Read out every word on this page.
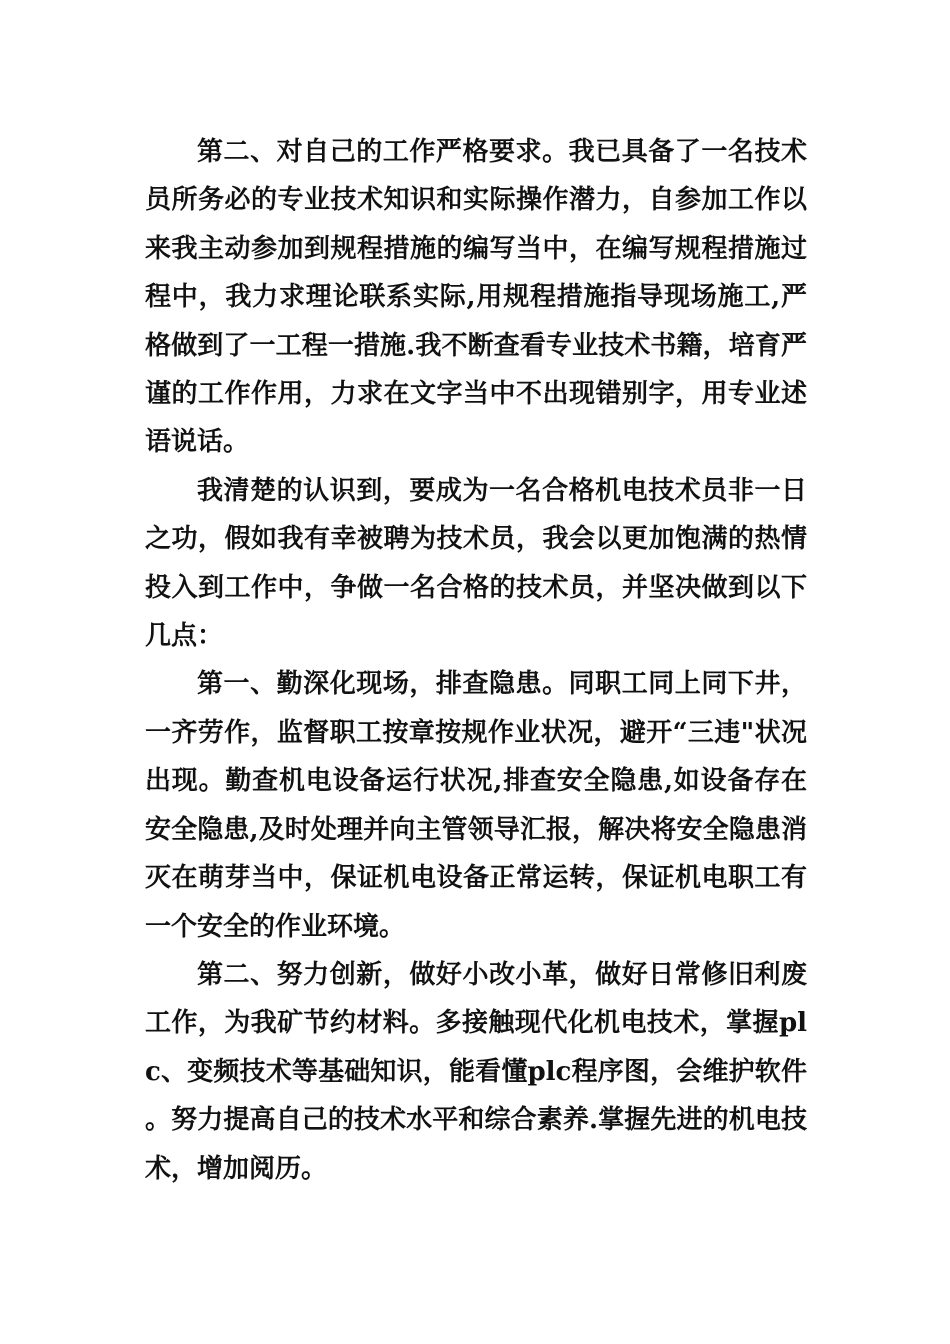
第二、对自己的工作严格要求。我已具备了一名技术员所务必的专业技术知识和实际操作潜力，自参加工作以来我主动参加到规程措施的编写当中，在编写规程措施过程中，我力求理论联系实际,用规程措施指导现场施工,严格做到了一工程一措施.我不断查看专业技术书籍，培育严谨的工作作用，力求在文字当中不出现错别字，用专业述语说话。

我清楚的认识到，要成为一名合格机电技术员非一日之功，假如我有幸被聘为技术员，我会以更加饱满的热情投入到工作中，争做一名合格的技术员，并坚决做到以下几点：

第一、勤深化现场，排查隐患。同职工同上同下井，一齐劳作，监督职工按章按规作业状况，避开“三违"状况出现。勤查机电设备运行状况,排查安全隐患,如设备存在安全隐患,及时处理并向主管领导汇报，解决将安全隐患消灭在萌芽当中，保证机电设备正常运转，保证机电职工有一个安全的作业环境。

第二、努力创新，做好小改小革，做好日常修旧利废工作，为我矿节约材料。多接触现代化机电技术，掌握plc、变频技术等基础知识，能看懂plc程序图，会维护软件。努力提高自己的技术水平和综合素养.掌握先进的机电技术，增加阅历。
